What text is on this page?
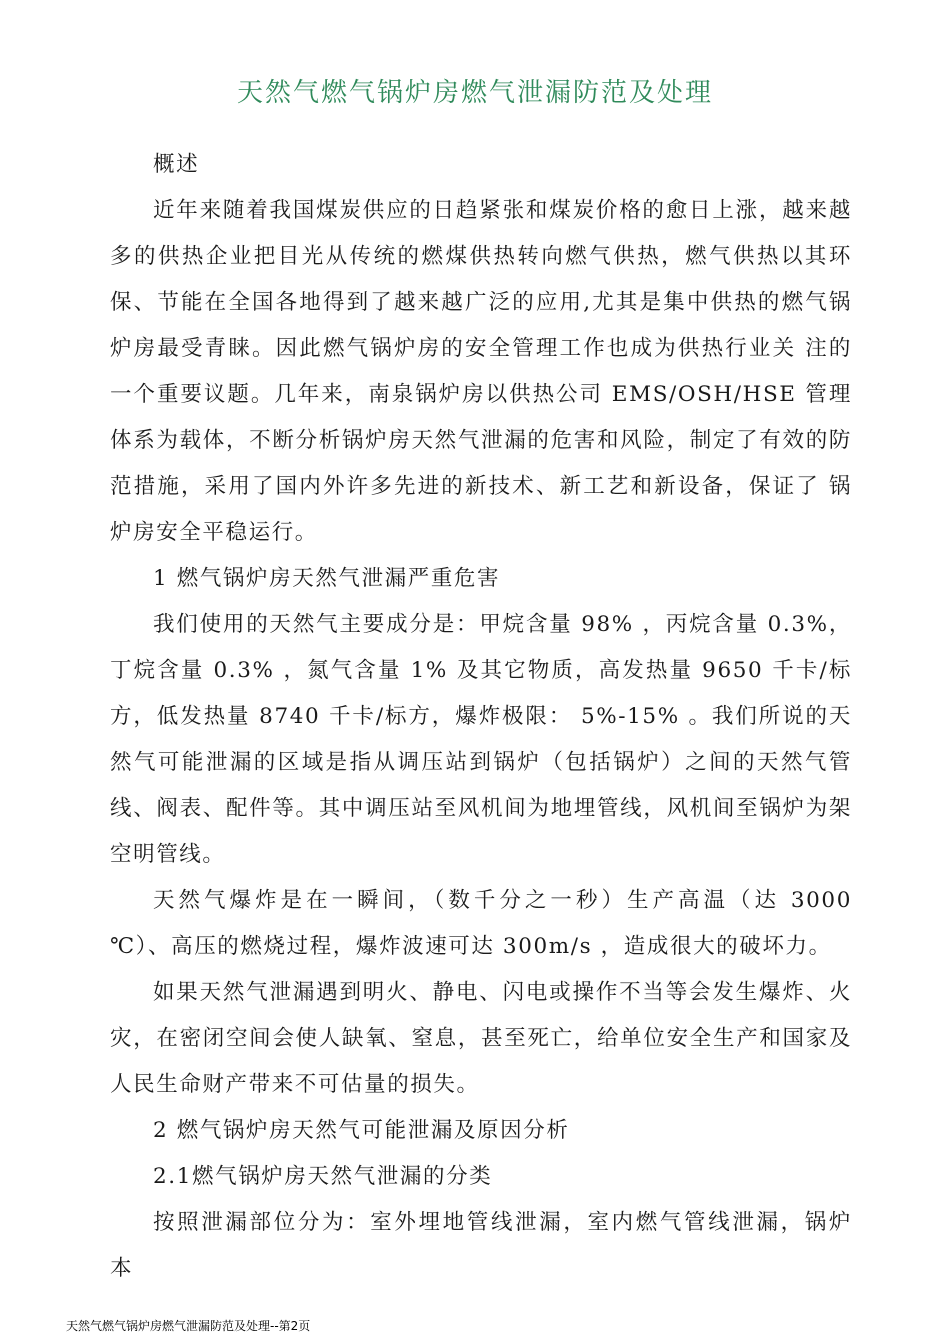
天然气燃气锅炉房燃气泄漏防范及处理

概述

近年来随着我国煤炭供应的日趋紧张和煤炭价格的愈日上涨，越来越多的供热企业把目光从传统的燃煤供热转向燃气供热，燃气供热以其环保、节能在全国各地得到了越来越广泛的应用,尤其是集中供热的燃气锅炉房最受青睐。因此燃气锅炉房的安全管理工作也成为供热行业关 注的一个重要议题。几年来，南泉锅炉房以供热公司 EMS/OSH/HSE 管理体系为载体，不断分析锅炉房天然气泄漏的危害和风险，制定了有效的防范措施，采用了国内外许多先进的新技术、新工艺和新设备，保证了 锅炉房安全平稳运行。

1 燃气锅炉房天然气泄漏严重危害

我们使用的天然气主要成分是：甲烷含量 98% ，丙烷含量 0.3%，丁烷含量 0.3% ，氮气含量 1% 及其它物质，高发热量 9650 千卡/标方，低发热量 8740 千卡/标方，爆炸极限： 5%-15% 。我们所说的天然气可能泄漏的区域是指从调压站到锅炉（包括锅炉）之间的天然气管线、阀表、配件等。其中调压站至风机间为地埋管线，风机间至锅炉为架空明管线。

天然气爆炸是在一瞬间，（数千分之一秒）生产高温（达 3000 ℃）、高压的燃烧过程，爆炸波速可达 300m/s ，造成很大的破坏力。

如果天然气泄漏遇到明火、静电、闪电或操作不当等会发生爆炸、火灾，在密闭空间会使人缺氧、窒息，甚至死亡，给单位安全生产和国家及人民生命财产带来不可估量的损失。

2 燃气锅炉房天然气可能泄漏及原因分析

2.1燃气锅炉房天然气泄漏的分类

按照泄漏部位分为：室外埋地管线泄漏，室内燃气管线泄漏，锅炉 本

天然气燃气锅炉房燃气泄漏防范及处理--第2页
